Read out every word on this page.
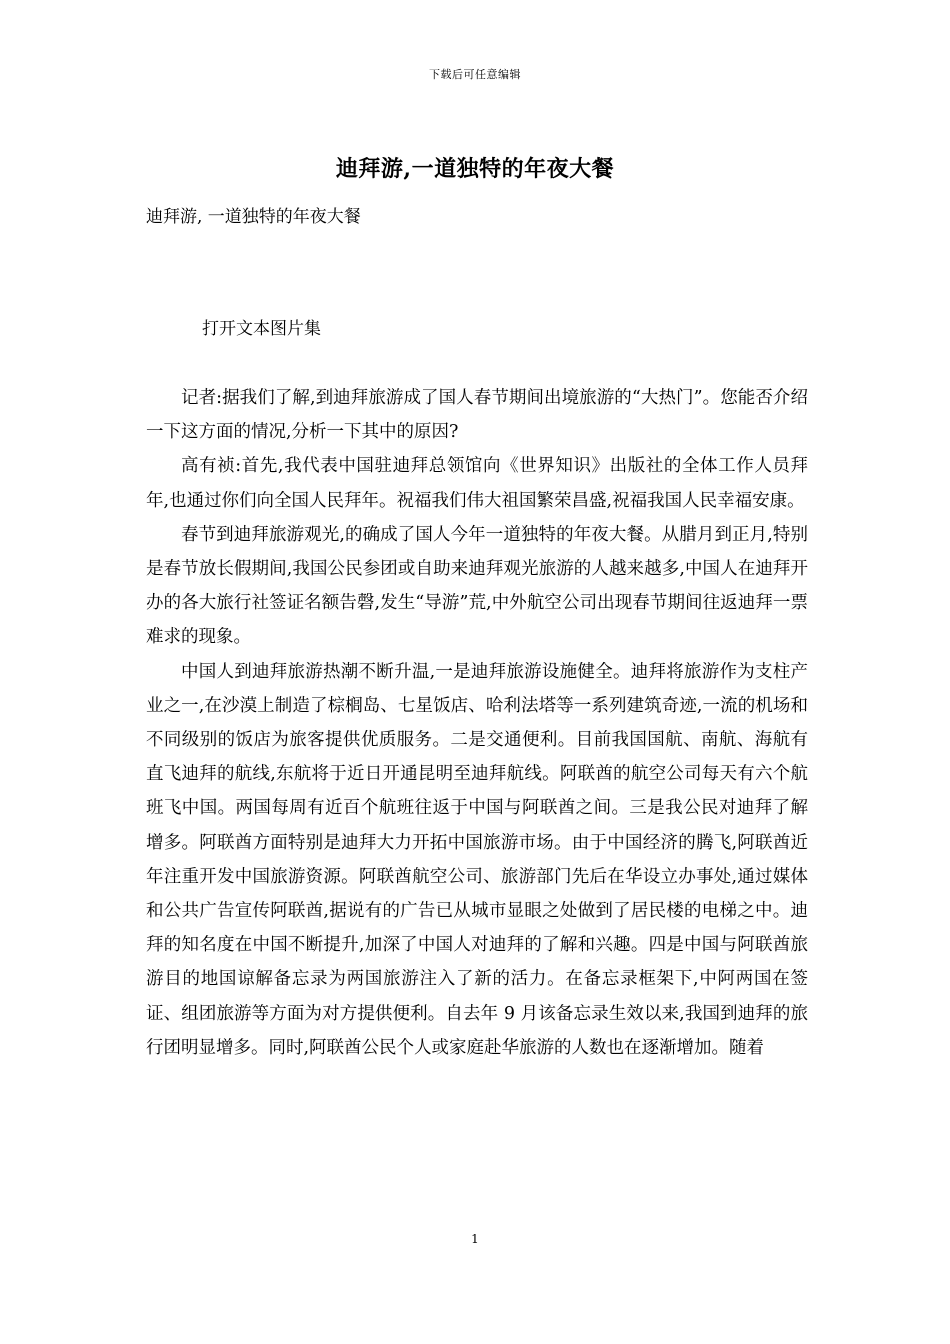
下载后可任意编辑
迪拜游,一道独特的年夜大餐
迪拜游, 一道独特的年夜大餐
打开文本图片集

记者:据我们了解,到迪拜旅游成了国人春节期间出境旅游的“大热门”。您能否介绍一下这方面的情况,分析一下其中的原因?

高有祯:首先,我代表中国驻迪拜总领馆向《世界知识》出版社的全体工作人员拜年,也通过你们向全国人民拜年。祝福我们伟大祖国繁荣昌盛,祝福我国人民幸福安康。

春节到迪拜旅游观光,的确成了国人今年一道独特的年夜大餐。从腊月到正月,特别是春节放长假期间,我国公民参团或自助来迪拜观光旅游的人越来越多,中国人在迪拜开办的各大旅行社签证名额告磬,发生“导游”荒,中外航空公司出现春节期间往返迪拜一票难求的现象。

中国人到迪拜旅游热潮不断升温,一是迪拜旅游设施健全。迪拜将旅游作为支柱产业之一,在沙漠上制造了棕榈岛、七星饭店、哈利法塔等一系列建筑奇迹,一流的机场和不同级别的饭店为旅客提供优质服务。二是交通便利。目前我国国航、南航、海航有直飞迪拜的航线,东航将于近日开通昆明至迪拜航线。阿联酋的航空公司每天有六个航班飞中国。两国每周有近百个航班往返于中国与阿联酋之间。三是我公民对迪拜了解增多。阿联酋方面特别是迪拜大力开拓中国旅游市场。由于中国经济的腾飞,阿联酋近年注重开发中国旅游资源。阿联酋航空公司、旅游部门先后在华设立办事处,通过媒体和公共广告宣传阿联酋,据说有的广告已从城市显眼之处做到了居民楼的电梯之中。迪拜的知名度在中国不断提升,加深了中国人对迪拜的了解和兴趣。四是中国与阿联酋旅游目的地国谅解备忘录为两国旅游注入了新的活力。在备忘录框架下,中阿两国在签证、组团旅游等方面为对方提供便利。自去年 9 月该备忘录生效以来,我国到迪拜的旅行团明显增多。同时,阿联酋公民个人或家庭赴华旅游的人数也在逐渐增加。随着

1
